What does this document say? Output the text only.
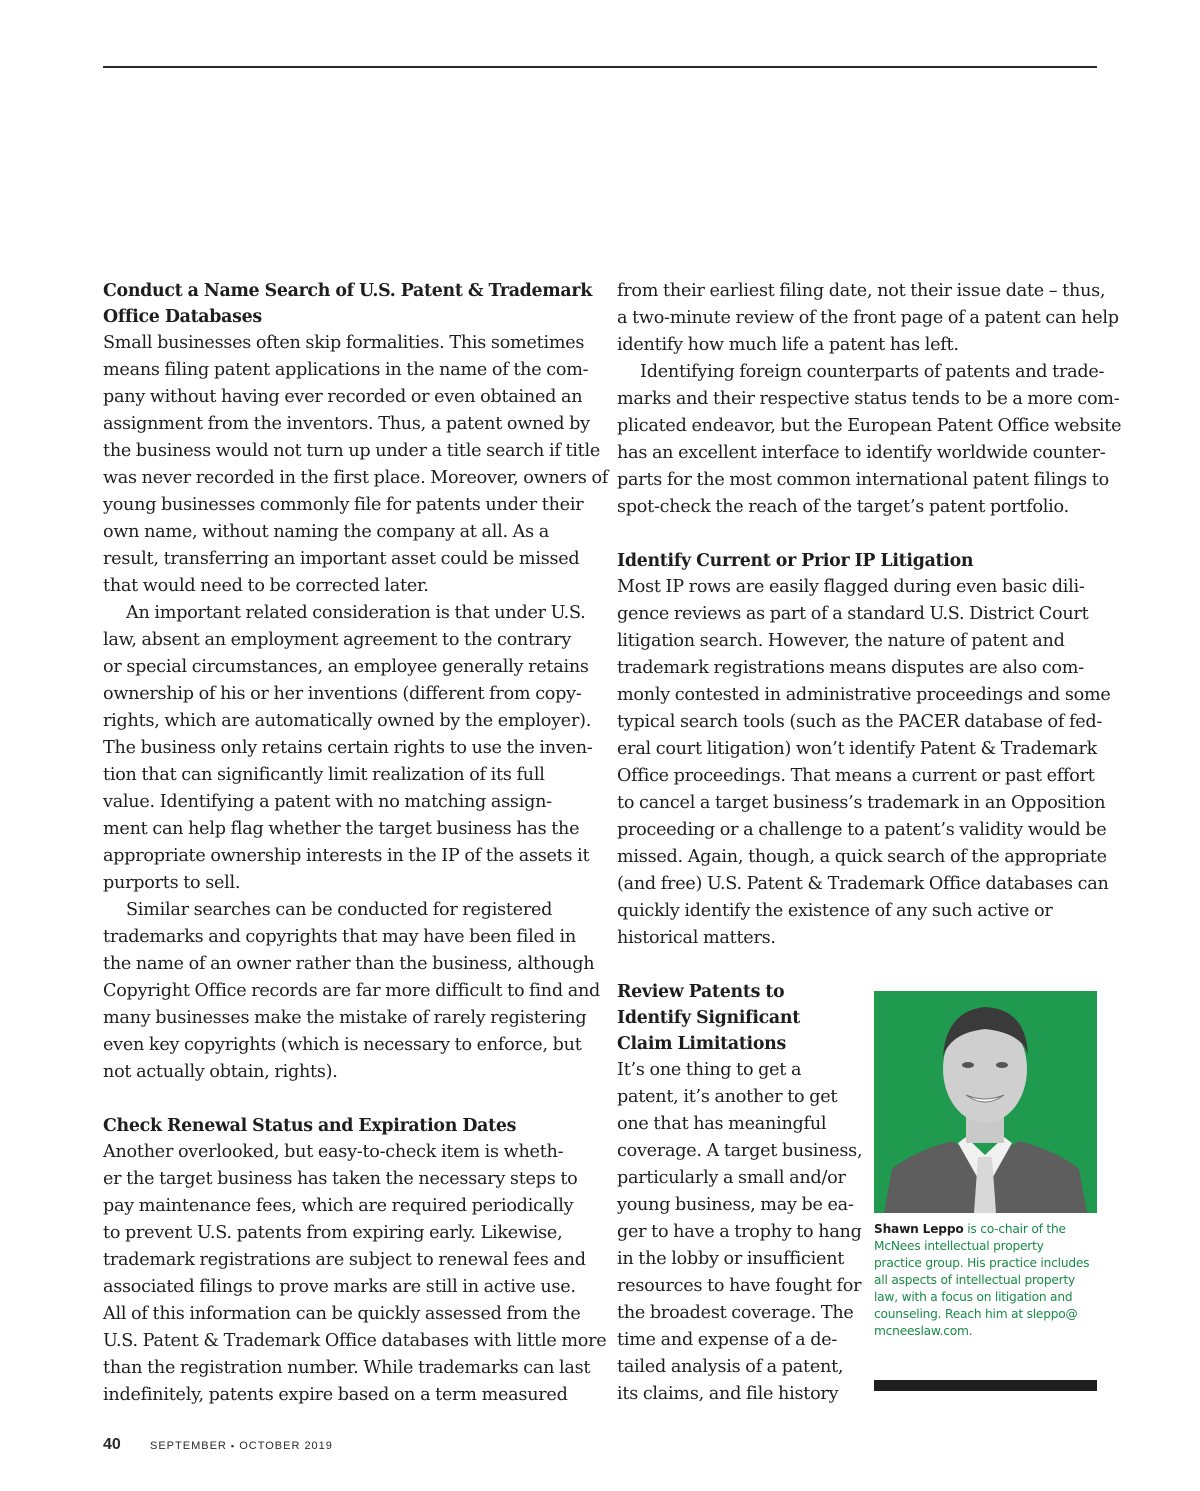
Conduct a Name Search of U.S. Patent & Trademark
Office Databases
Small businesses often skip formalities. This sometimes
means filing patent applications in the name of the com-
pany without having ever recorded or even obtained an
assignment from the inventors. Thus, a patent owned by
the business would not turn up under a title search if title
was never recorded in the first place. Moreover, owners of
young businesses commonly file for patents under their
own name, without naming the company at all. As a
result, transferring an important asset could be missed
that would need to be corrected later.
An important related consideration is that under U.S.
law, absent an employment agreement to the contrary
or special circumstances, an employee generally retains
ownership of his or her inventions (different from copy-
rights, which are automatically owned by the employer).
The business only retains certain rights to use the inven-
tion that can significantly limit realization of its full
value. Identifying a patent with no matching assign-
ment can help flag whether the target business has the
appropriate ownership interests in the IP of the assets it
purports to sell.
Similar searches can be conducted for registered
trademarks and copyrights that may have been filed in
the name of an owner rather than the business, although
Copyright Office records are far more difficult to find and
many businesses make the mistake of rarely registering
even key copyrights (which is necessary to enforce, but
not actually obtain, rights).
Check Renewal Status and Expiration Dates
Another overlooked, but easy-to-check item is wheth-
er the target business has taken the necessary steps to
pay maintenance fees, which are required periodically
to prevent U.S. patents from expiring early. Likewise,
trademark registrations are subject to renewal fees and
associated filings to prove marks are still in active use.
All of this information can be quickly assessed from the
U.S. Patent & Trademark Office databases with little more
than the registration number. While trademarks can last
indefinitely, patents expire based on a term measured
from their earliest filing date, not their issue date – thus,
a two-minute review of the front page of a patent can help
identify how much life a patent has left.
Identifying foreign counterparts of patents and trade-
marks and their respective status tends to be a more com-
plicated endeavor, but the European Patent Office website
has an excellent interface to identify worldwide counter-
parts for the most common international patent filings to
spot-check the reach of the target’s patent portfolio.
Identify Current or Prior IP Litigation
Most IP rows are easily flagged during even basic dili-
gence reviews as part of a standard U.S. District Court
litigation search. However, the nature of patent and
trademark registrations means disputes are also com-
monly contested in administrative proceedings and some
typical search tools (such as the PACER database of fed-
eral court litigation) won’t identify Patent & Trademark
Office proceedings. That means a current or past effort
to cancel a target business’s trademark in an Opposition
proceeding or a challenge to a patent’s validity would be
missed. Again, though, a quick search of the appropriate
(and free) U.S. Patent & Trademark Office databases can
quickly identify the existence of any such active or
historical matters.
Review Patents to
Identify Significant
Claim Limitations
It’s one thing to get a
patent, it’s another to get
one that has meaningful
coverage. A target business,
particularly a small and/or
young business, may be ea-
ger to have a trophy to hang
in the lobby or insufficient
resources to have fought for
the broadest coverage. The
time and expense of a de-
tailed analysis of a patent,
its claims, and file history
Shawn Leppo is co-chair of the
McNees intellectual property
practice group. His practice includes
all aspects of intellectual property
law, with a focus on litigation and
counseling. Reach him at sleppo@
mcneeslaw.com.
40	SEPTEMBER ▪ OCTOBER 2019
